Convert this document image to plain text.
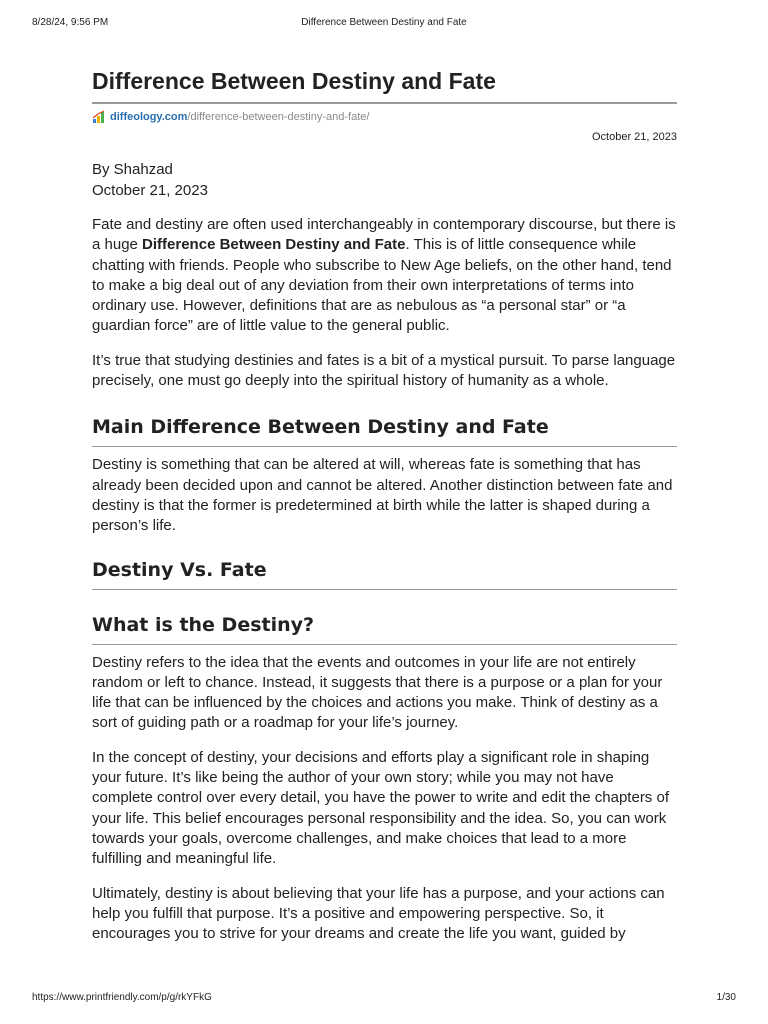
8/28/24, 9:56 PM	Difference Between Destiny and Fate
Difference Between Destiny and Fate
diffeology.com/difference-between-destiny-and-fate/
October 21, 2023
By Shahzad
October 21, 2023

Fate and destiny are often used interchangeably in contemporary discourse, but there is a huge Difference Between Destiny and Fate. This is of little consequence while chatting with friends. People who subscribe to New Age beliefs, on the other hand, tend to make a big deal out of any deviation from their own interpretations of terms into ordinary use. However, definitions that are as nebulous as “a personal star” or “a guardian force” are of little value to the general public.

It’s true that studying destinies and fates is a bit of a mystical pursuit. To parse language precisely, one must go deeply into the spiritual history of humanity as a whole.

Main Difference Between Destiny and Fate

Destiny is something that can be altered at will, whereas fate is something that has already been decided upon and cannot be altered. Another distinction between fate and destiny is that the former is predetermined at birth while the latter is shaped during a person’s life.

Destiny Vs. Fate
What is the Destiny?

Destiny refers to the idea that the events and outcomes in your life are not entirely random or left to chance. Instead, it suggests that there is a purpose or a plan for your life that can be influenced by the choices and actions you make. Think of destiny as a sort of guiding path or a roadmap for your life’s journey.

In the concept of destiny, your decisions and efforts play a significant role in shaping your future. It’s like being the author of your own story; while you may not have complete control over every detail, you have the power to write and edit the chapters of your life. This belief encourages personal responsibility and the idea. So, you can work towards your goals, overcome challenges, and make choices that lead to a more fulfilling and meaningful life.

Ultimately, destiny is about believing that your life has a purpose, and your actions can help you fulfill that purpose. It’s a positive and empowering perspective. So, it encourages you to strive for your dreams and create the life you want, guided by

https://www.printfriendly.com/p/g/rkYFkG	1/30
